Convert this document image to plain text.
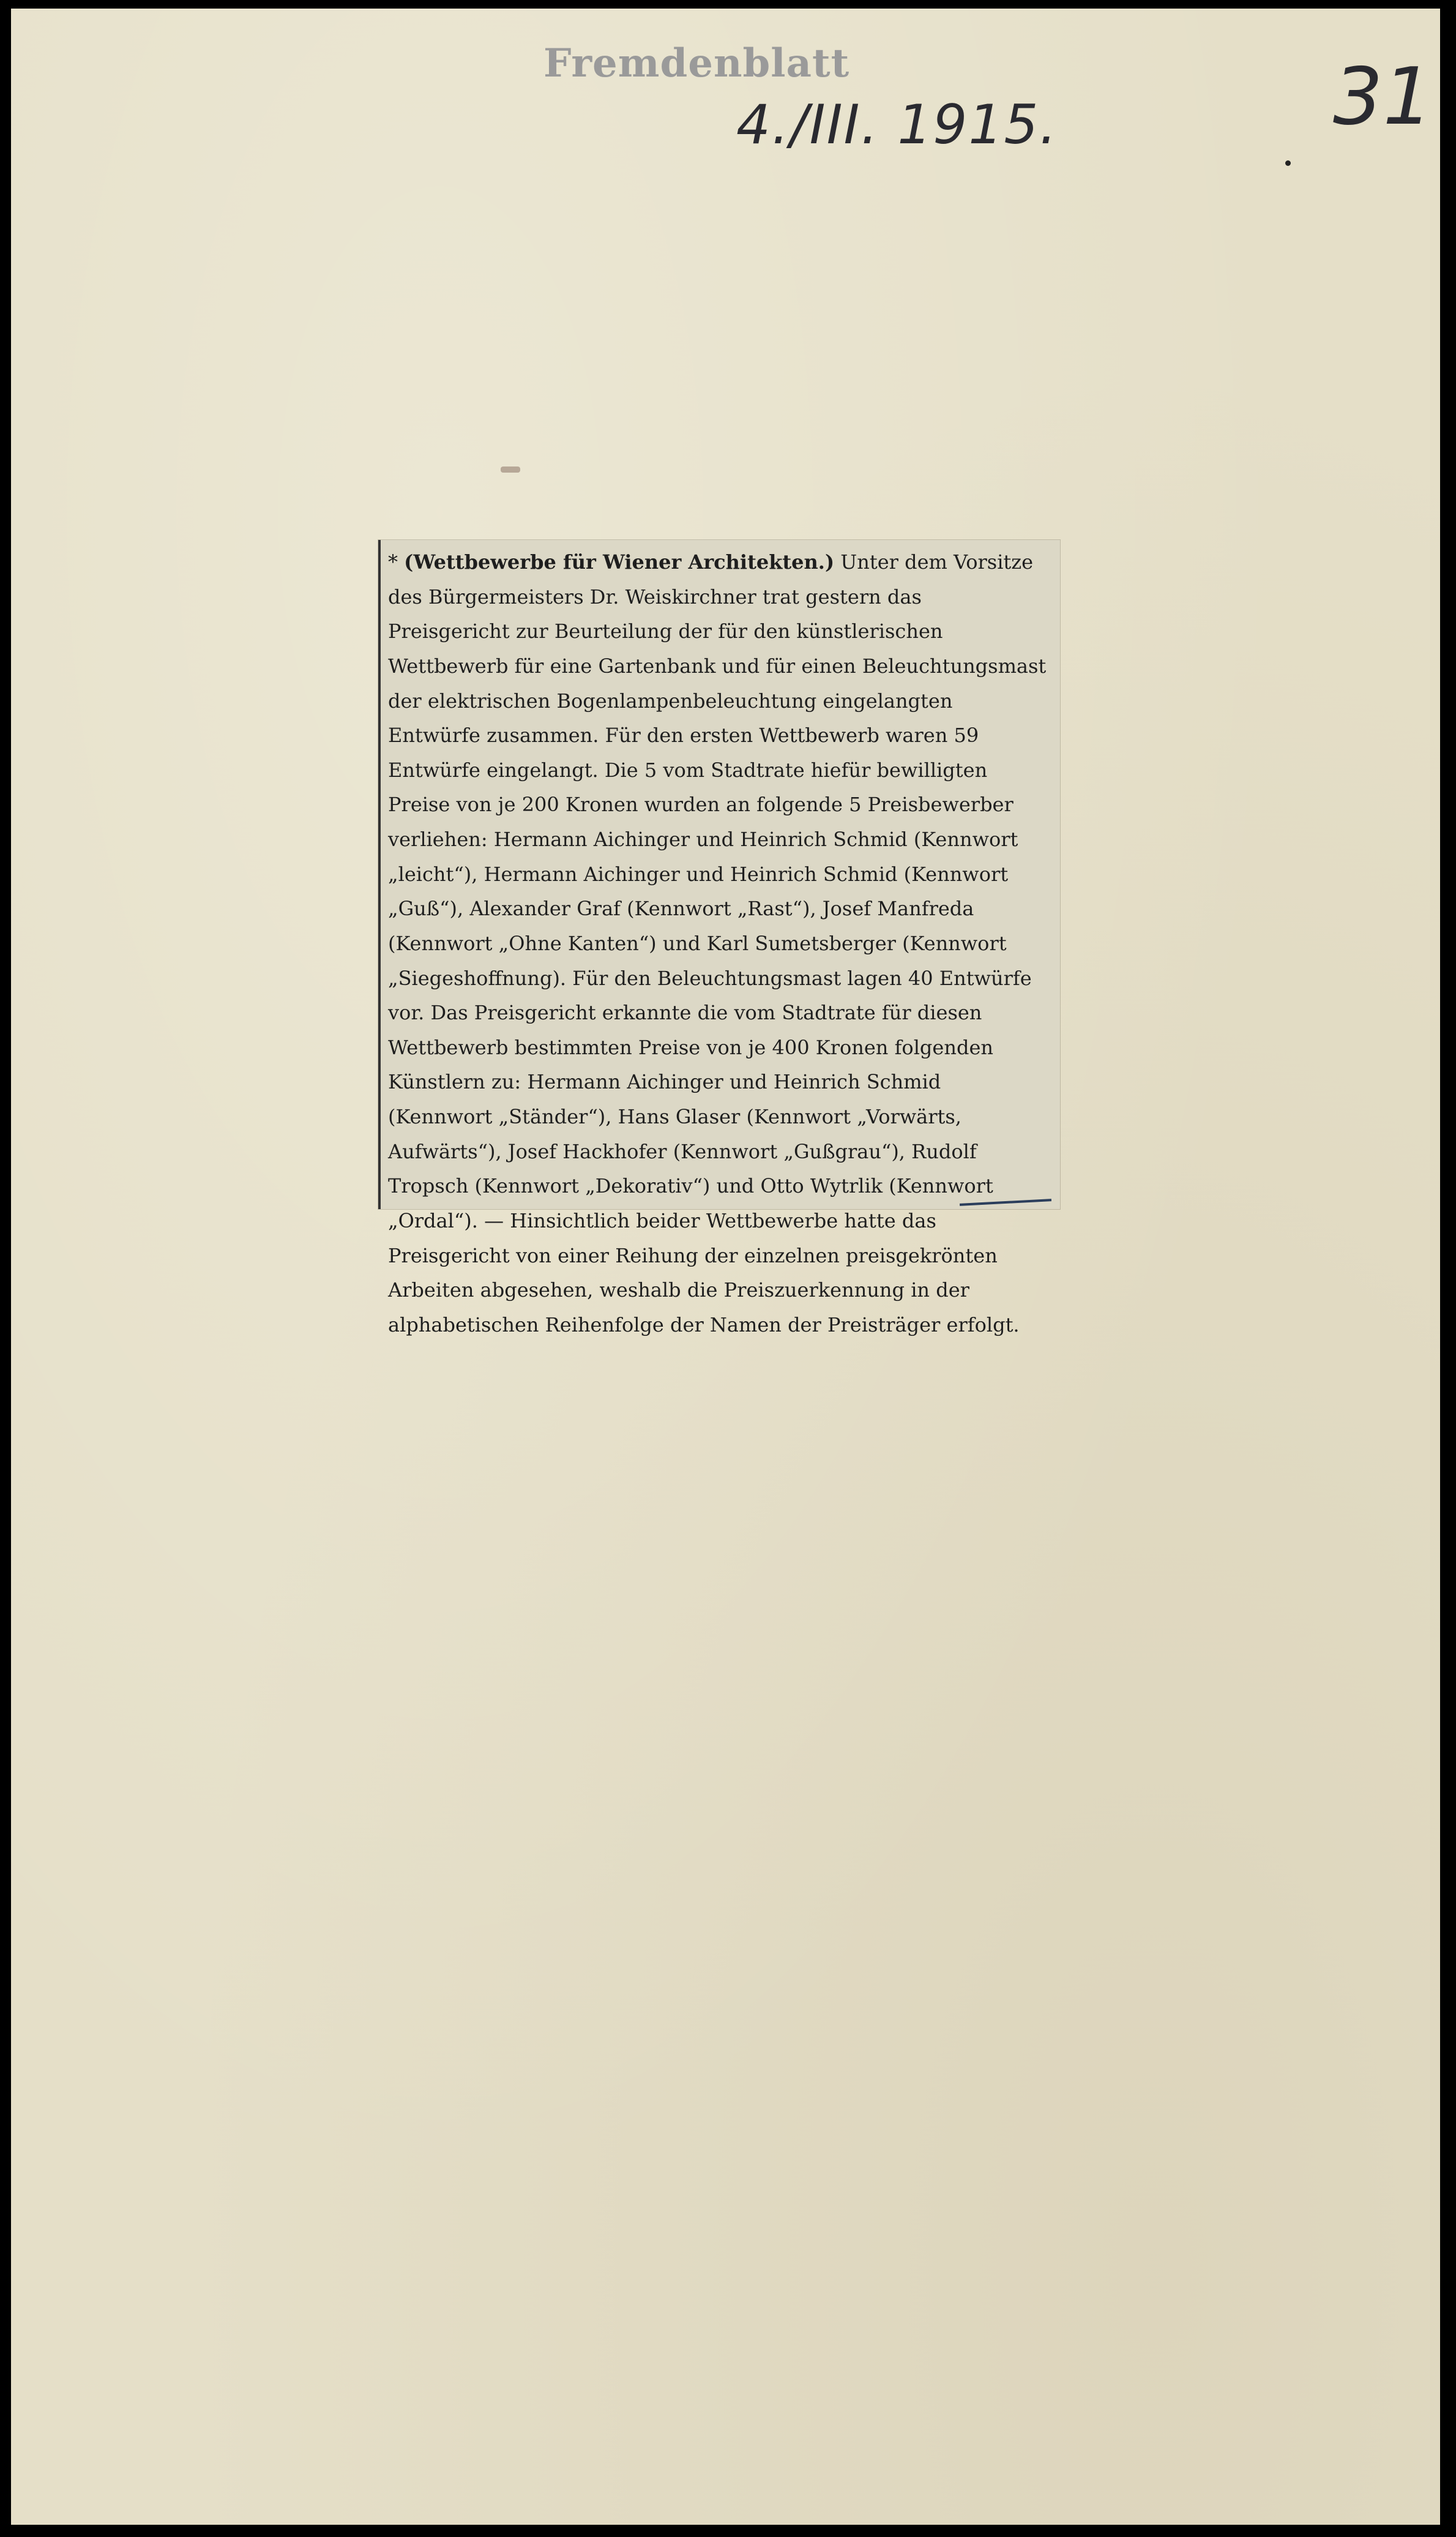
Fremdenblatt
4./III. 1915.	31

* (Wettbewerbe für Wiener Architekten.) Unter dem Vorsitze des Bürgermeisters Dr. Weiskirchner trat gestern das Preisgericht zur Beurteilung der für den künstlerischen Wettbewerb für eine Gartenbank und für einen Beleuchtungsmast der elektrischen Bogenlampenbeleuchtung eingelangten Entwürfe zusammen. Für den ersten Wettbewerb waren 59 Entwürfe eingelangt. Die 5 vom Stadtrate hiefür bewilligten Preise von je 200 Kronen wurden an folgende 5 Preisbewerber verliehen: Hermann Aichinger und Heinrich Schmid (Kennwort „leicht“), Hermann Aichinger und Heinrich Schmid (Kennwort „Guß“), Alexander Graf (Kennwort „Rast“), Josef Manfreda (Kennwort „Ohne Kanten“) und Karl Sumetsberger (Kennwort „Siegeshoffnung). Für den Beleuchtungsmast lagen 40 Entwürfe vor. Das Preisgericht erkannte die vom Stadtrate für diesen Wettbewerb bestimmten Preise von je 400 Kronen folgenden Künstlern zu: Hermann Aichinger und Heinrich Schmid (Kennwort „Ständer“), Hans Glaser (Kennwort „Vorwärts, Aufwärts“), Josef Hackhofer (Kennwort „Gußgrau“), Rudolf Tropsch (Kennwort „Dekorativ“) und Otto Wytrlik (Kennwort „Ordal“). — Hinsichtlich beider Wettbewerbe hatte das Preisgericht von einer Reihung der einzelnen preisgekrönten Arbeiten abgesehen, weshalb die Preiszuerkennung in der alphabetischen Reihenfolge der Namen der Preisträger erfolgt.
